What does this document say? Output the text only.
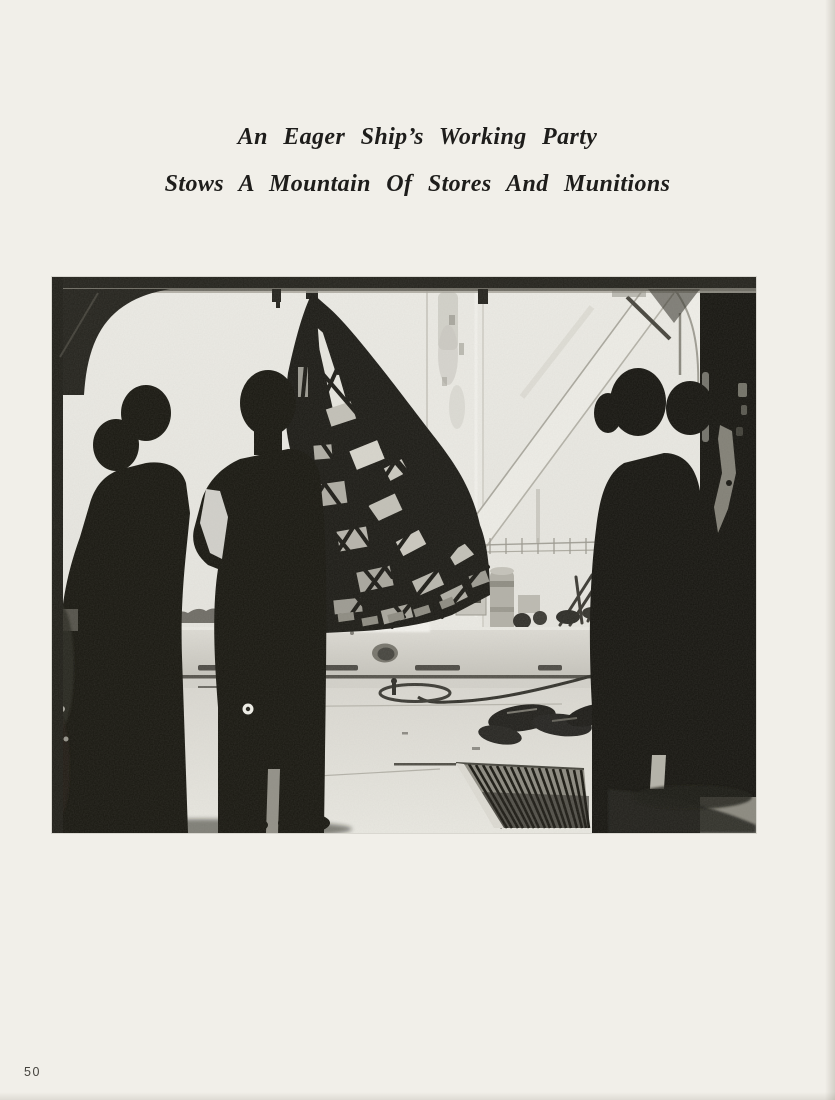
An Eager Ship’s Working Party
Stows A Mountain Of Stores And Munitions
50
